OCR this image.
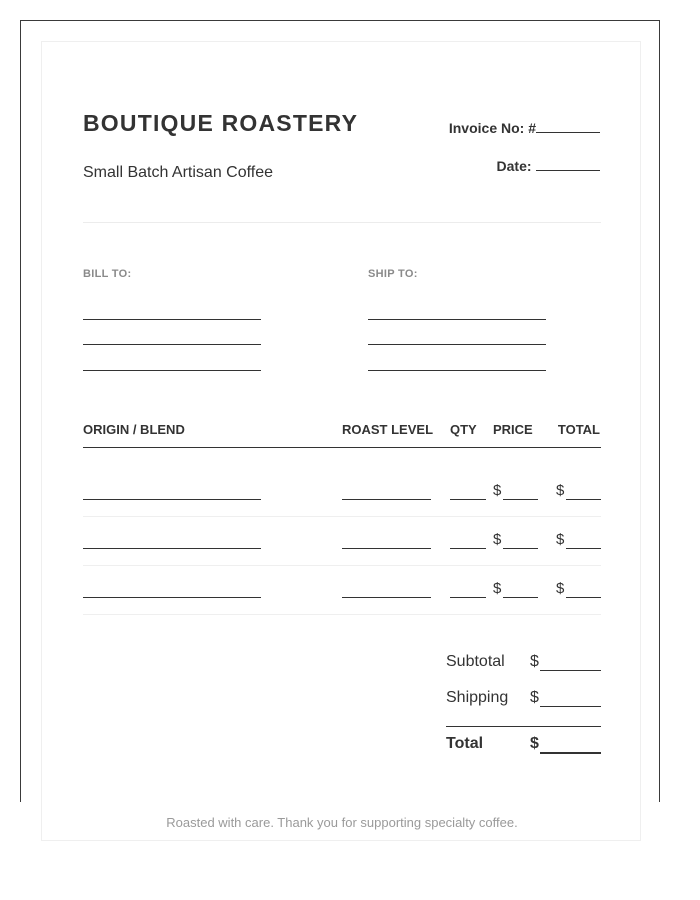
BOUTIQUE ROASTERY
Small Batch Artisan Coffee
Invoice No: #
Date:
BILL TO:	SHIP TO:
ORIGIN / BLEND	ROAST LEVEL QTY PRICE TOTAL
$	$
$	$
$	$
Subtotal $
Shipping $
Total	$
Roasted with care. Thank you for supporting specialty coffee.
